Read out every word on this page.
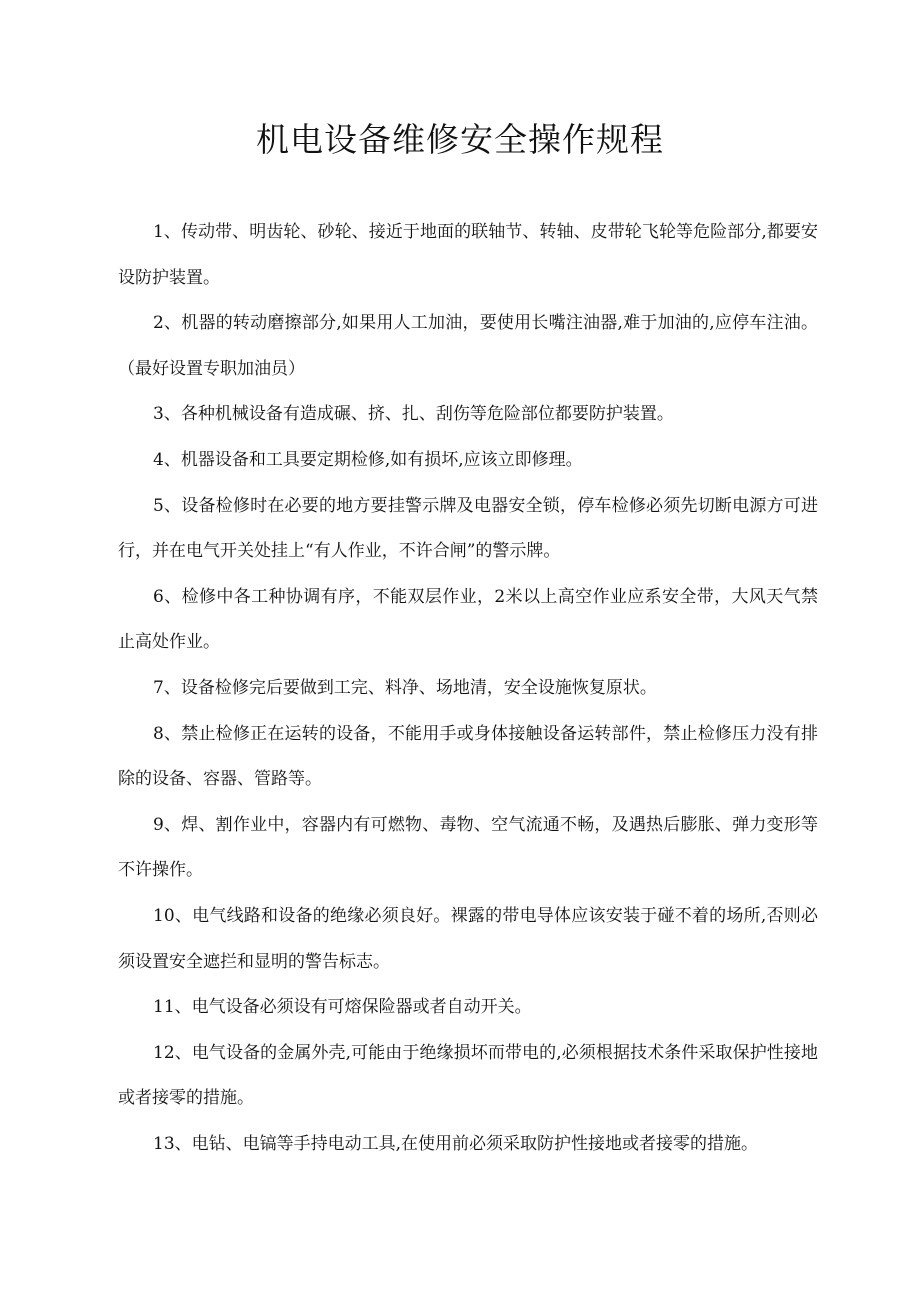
机电设备维修安全操作规程

1、传动带、明齿轮、砂轮、接近于地面的联轴节、转轴、皮带轮飞轮等危险部分,都要安设防护装置。

2、机器的转动磨擦部分,如果用人工加油，要使用长嘴注油器,难于加油的,应停车注油。（最好设置专职加油员）

3、各种机械设备有造成碾、挤、扎、刮伤等危险部位都要防护装置。

4、机器设备和工具要定期检修,如有损坏,应该立即修理。

5、设备检修时在必要的地方要挂警示牌及电器安全锁，停车检修必须先切断电源方可进行，并在电气开关处挂上“有人作业，不许合闸”的警示牌。

6、检修中各工种协调有序，不能双层作业，2米以上高空作业应系安全带，大风天气禁止高处作业。

7、设备检修完后要做到工完、料净、场地清，安全设施恢复原状。

8、禁止检修正在运转的设备，不能用手或身体接触设备运转部件，禁止检修压力没有排除的设备、容器、管路等。

9、焊、割作业中，容器内有可燃物、毒物、空气流通不畅，及遇热后膨胀、弹力变形等不许操作。

10、电气线路和设备的绝缘必须良好。裸露的带电导体应该安装于碰不着的场所,否则必须设置安全遮拦和显明的警告标志。

11、电气设备必须设有可熔保险器或者自动开关。

12、电气设备的金属外壳,可能由于绝缘损坏而带电的,必须根据技术条件采取保护性接地或者接零的措施。

13、电钻、电镐等手持电动工具,在使用前必须采取防护性接地或者接零的措施。
